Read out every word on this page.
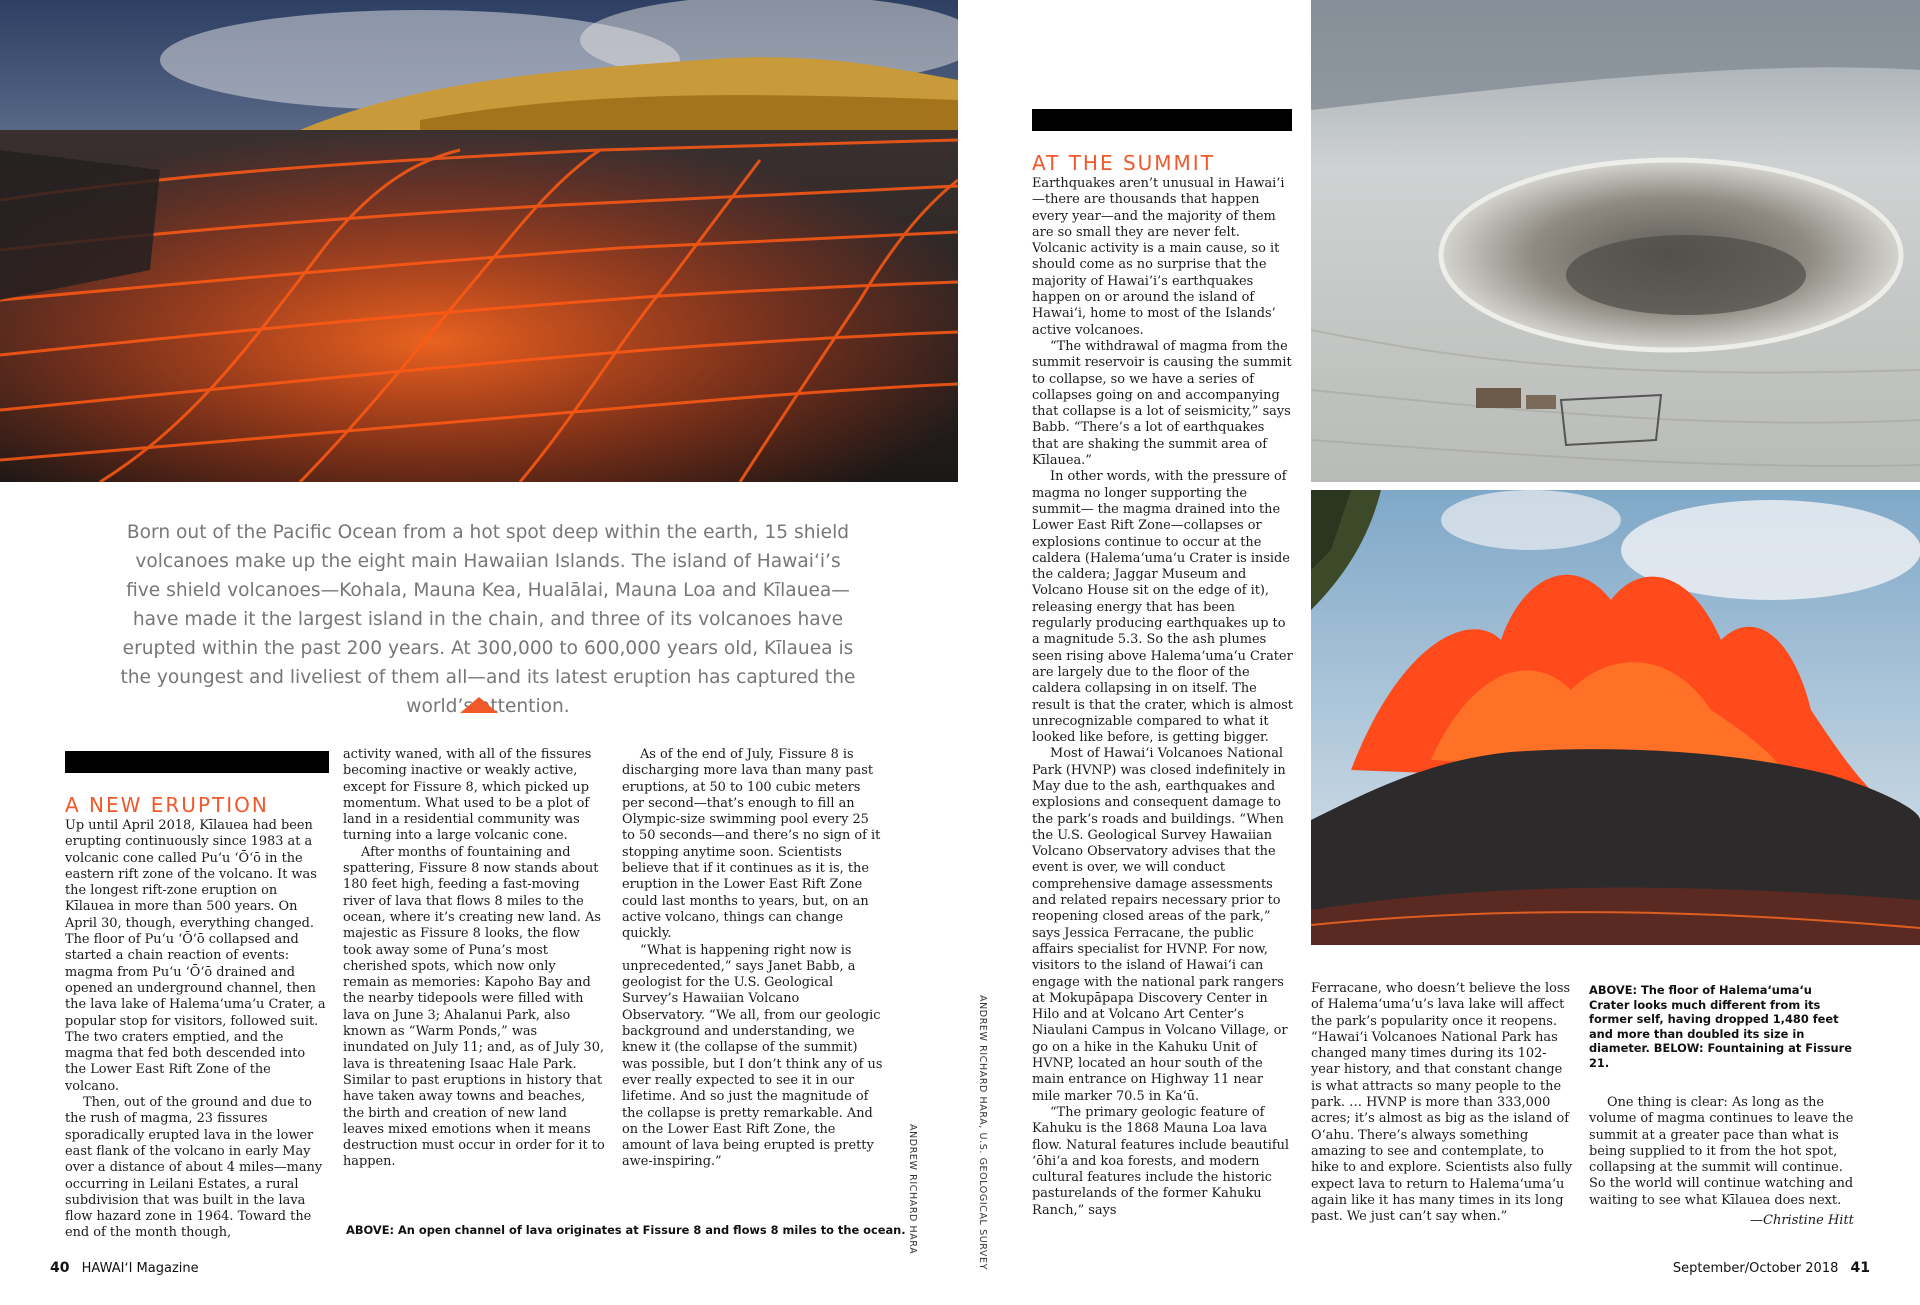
Born out of the Pacific Ocean from a hot spot deep within the earth, 15 shield volcanoes make up the eight main Hawaiian Islands. The island of Hawaiʻi’s five shield volcanoes—Kohala, Mauna Kea, Hualālai, Mauna Loa and Kīlauea—have made it the largest island in the chain, and three of its volcanoes have erupted within the past 200 years. At 300,000 to 600,000 years old, Kīlauea is the youngest and liveliest of them all—and its latest eruption has captured the world’s attention.
A NEW ERUPTION

Up until April 2018, Kīlauea had been erupting continuously since 1983 at a volcanic cone called Puʻu ʻŌʻō in the eastern rift zone of the volcano. It was the longest rift-zone eruption on Kīlauea in more than 500 years. On April 30, though, everything changed. The floor of Puʻu ʻŌʻō collapsed and started a chain reaction of events: magma from Puʻu ʻŌʻō drained and opened an underground channel, then the lava lake of Halemaʻumaʻu Crater, a popular stop for visitors, followed suit. The two craters emptied, and the magma that fed both descended into the Lower East Rift Zone of the volcano.

Then, out of the ground and due to the rush of magma, 23 fissures sporadically erupted lava in the lower east flank of the volcano in early May over a distance of about 4 miles—many occurring in Leilani Estates, a rural subdivision that was built in the lava flow hazard zone in 1964. Toward the end of the month though,

activity waned, with all of the fissures becoming inactive or weakly active, except for Fissure 8, which picked up momentum. What used to be a plot of land in a residential community was turning into a large volcanic cone.

After months of fountaining and spattering, Fissure 8 now stands about 180 feet high, feeding a fast-moving river of lava that flows 8 miles to the ocean, where it’s creating new land. As majestic as Fissure 8 looks, the flow took away some of Puna’s most cherished spots, which now only remain as memories: Kapoho Bay and the nearby tidepools were filled with lava on June 3; Ahalanui Park, also known as “Warm Ponds,” was inundated on July 11; and, as of July 30, lava is threatening Isaac Hale Park. Similar to past eruptions in history that have taken away towns and beaches, the birth and creation of new land leaves mixed emotions when it means destruction must occur in order for it to happen.

As of the end of July, Fissure 8 is discharging more lava than many past eruptions, at 50 to 100 cubic meters per second—that’s enough to fill an Olympic-size swimming pool every 25 to 50 seconds—and there’s no sign of it stopping anytime soon. Scientists believe that if it continues as it is, the eruption in the Lower East Rift Zone could last months to years, but, on an active volcano, things can change quickly.

“What is happening right now is unprecedented,” says Janet Babb, a geologist for the U.S. Geological Survey’s Hawaiian Volcano Observatory. “We all, from our geologic background and understanding, we knew it (the collapse of the summit) was possible, but I don’t think any of us ever really expected to see it in our lifetime. And so just the magnitude of the collapse is pretty remarkable. And on the Lower East Rift Zone, the amount of lava being erupted is pretty awe-inspiring.”

ABOVE: An open channel of lava originates at Fissure 8 and flows 8 miles to the ocean. ANDREW RICHARD HARA	ANDREW RICHARD HARA, U.S. GEOLOGICAL SURVEY
AT THE SUMMIT

Earthquakes aren’t unusual in Hawaiʻi—there are thousands that happen every year—and the majority of them are so small they are never felt. Volcanic activity is a main cause, so it should come as no surprise that the majority of Hawaiʻi’s earthquakes happen on or around the island of Hawaiʻi, home to most of the Islands’ active volcanoes.

“The withdrawal of magma from the summit reservoir is causing the summit to collapse, so we have a series of collapses going on and accompanying that collapse is a lot of seismicity,” says Babb. “There’s a lot of earthquakes that are shaking the summit area of Kīlauea.”

In other words, with the pressure of magma no longer supporting the summit— the magma drained into the Lower East Rift Zone—collapses or explosions continue to occur at the caldera (Halemaʻumaʻu Crater is inside the caldera; Jaggar Museum and Volcano House sit on the edge of it), releasing energy that has been regularly producing earthquakes up to a magnitude 5.3. So the ash plumes seen rising above Halemaʻumaʻu Crater are largely due to the floor of the caldera collapsing in on itself. The result is that the crater, which is almost unrecognizable compared to what it looked like before, is getting bigger.

Most of Hawaiʻi Volcanoes National Park (HVNP) was closed indefinitely in May due to the ash, earthquakes and explosions and consequent damage to the park’s roads and buildings. “When the U.S. Geological Survey Hawaiian Volcano Observatory advises that the event is over, we will conduct comprehensive damage assessments and related repairs necessary prior to reopening closed areas of the park,” says Jessica Ferracane, the public affairs specialist for HVNP. For now, visitors to the island of Hawaiʻi can engage with the national park rangers at Mokupāpapa Discovery Center in Hilo and at Volcano Art Center’s Niaulani Campus in Volcano Village, or go on a hike in the Kahuku Unit of HVNP, located an hour south of the main entrance on Highway 11 near mile marker 70.5 in Kaʻū.

“The primary geologic feature of Kahuku is the 1868 Mauna Loa lava flow. Natural features include beautiful ʻōhiʻa and koa forests, and modern cultural features include the historic pasturelands of the former Kahuku Ranch,” says

Ferracane, who doesn’t believe the loss of Halemaʻumaʻu’s lava lake will affect the park’s popularity once it reopens. “Hawaiʻi Volcanoes National Park has changed many times during its 102-year history, and that constant change is what attracts so many people to the park. … HVNP is more than 333,000 acres; it’s almost as big as the island of Oʻahu. There’s always something amazing to see and contemplate, to hike to and explore. Scientists also fully expect lava to return to Halemaʻumaʻu again like it has many times in its long past. We just can’t say when.”

One thing is clear: As long as the volume of magma continues to leave the summit at a greater pace than what is being supplied to it from the hot spot, collapsing at the summit will continue. So the world will continue watching and waiting to see what Kīlauea does next.

—Christine Hitt
ABOVE: The floor of Halemaʻumaʻu Crater looks much different from its former self, having dropped 1,480 feet and more than doubled its size in diameter. BELOW: Fountaining at Fissure 21.
40 HAWAIʻI Magazine	September/October 2018 41
